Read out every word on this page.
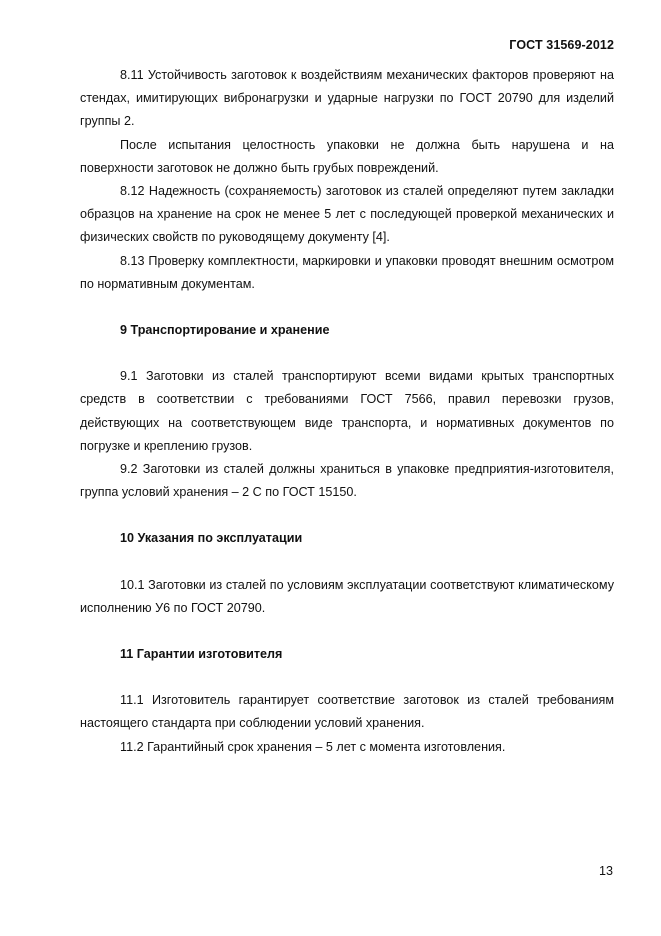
ГОСТ 31569-2012

8.11 Устойчивость заготовок к воздействиям механических факторов проверяют на стендах, имитирующих вибронагрузки и ударные нагрузки по ГОСТ 20790 для изделий группы 2.

После испытания целостность упаковки не должна быть нарушена и на поверхности заготовок не должно быть грубых повреждений.

8.12 Надежность (сохраняемость) заготовок из сталей определяют путем закладки образцов на хранение на срок не менее 5 лет с последующей проверкой механических и физических свойств по руководящему документу [4].

8.13 Проверку комплектности, маркировки и упаковки проводят внешним осмотром по нормативным документам.

9 Транспортирование и хранение

9.1 Заготовки из сталей транспортируют всеми видами крытых транспортных средств в соответствии с требованиями ГОСТ 7566, правил перевозки грузов, действующих на соответствующем виде транспорта, и нормативных документов по погрузке и креплению грузов.

9.2 Заготовки из сталей должны храниться в упаковке предприятия-изготовителя, группа условий хранения – 2 С по ГОСТ 15150.

10 Указания по эксплуатации

10.1 Заготовки из сталей по условиям эксплуатации соответствуют климатическому исполнению У6 по ГОСТ 20790.

11 Гарантии изготовителя

11.1 Изготовитель гарантирует соответствие заготовок из сталей требованиям настоящего стандарта при соблюдении условий хранения.

11.2 Гарантийный срок хранения – 5 лет с момента изготовления.

13
